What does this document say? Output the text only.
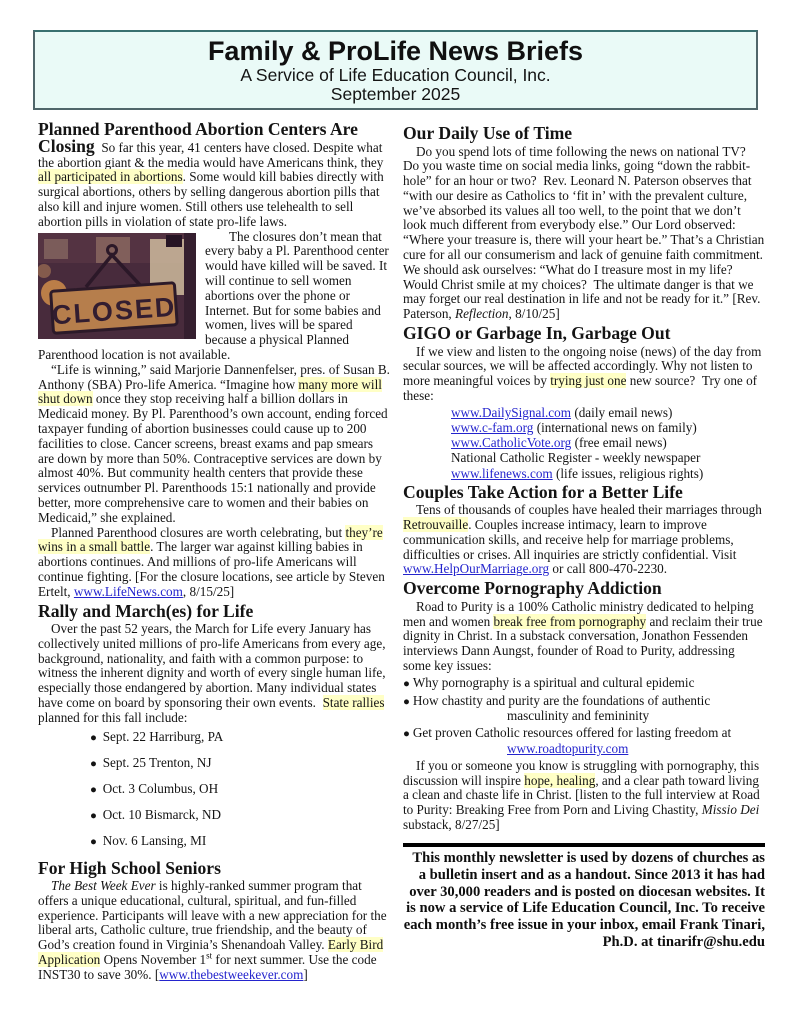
Family & ProLife News Briefs
A Service of Life Education Council, Inc.
September 2025

Planned Parenthood Abortion Centers Are Closing So far this year, 41 centers have closed. Despite what the abortion giant & the media would have Americans think, they all participated in abortions. Some would kill babies directly with surgical abortions, others by selling dangerous abortion pills that also kill and injure women. Still others use telehealth to sell abortion pills in violation of state pro-life laws.

CLOSED
The closures don’t mean that every baby a Pl. Parenthood center would have killed will be saved. It will continue to sell women abortions over the phone or Internet. But for some babies and women, lives will be spared because a physical Planned Parenthood location is not available.

“Life is winning,” said Marjorie Dannenfelser, pres. of Susan B. Anthony (SBA) Pro-life America. “Imagine how many more will shut down once they stop receiving half a billion dollars in Medicaid money. By Pl. Parenthood’s own account, ending forced taxpayer funding of abortion businesses could cause up to 200 facilities to close. Cancer screens, breast exams and pap smears are down by more than 50%. Contraceptive services are down by almost 40%. But community health centers that provide these services outnumber Pl. Parenthoods 15:1 nationally and provide better, more comprehensive care to women and their babies on Medicaid,” she explained.

Planned Parenthood closures are worth celebrating, but they’re wins in a small battle. The larger war against killing babies in abortions continues. And millions of pro-life Americans will continue fighting. [For the closure locations, see article by Steven Ertelt, www.LifeNews.com, 8/15/25]

Rally and March(es) for Life

Over the past 52 years, the March for Life every January has collectively united millions of pro-life Americans from every age, background, nationality, and faith with a common purpose: to witness the inherent dignity and worth of every single human life, especially those endangered by abortion. Many individual states have come on board by sponsoring their own events. State rallies planned for this fall include:

●  Sept. 22 Harriburg, PA
●  Sept. 25 Trenton, NJ
●  Oct. 3 Columbus, OH
●  Oct. 10 Bismarck, ND
●  Nov. 6 Lansing, MI
For High School Seniors

The Best Week Ever is highly-ranked summer program that offers a unique educational, cultural, spiritual, and fun-filled experience. Participants will leave with a new appreciation for the liberal arts, Catholic culture, true friendship, and the beauty of God’s creation found in Virginia’s Shenandoah Valley. Early Bird Application Opens November 1st for next summer. Use the code INST30 to save 30%. [www.thebestweekever.com]

Our Daily Use of Time

Do you spend lots of time following the news on national TV? Do you waste time on social media links, going “down the rabbit-hole” for an hour or two? Rev. Leonard N. Paterson observes that “with our desire as Catholics to ‘fit in’ with the prevalent culture, we’ve absorbed its values all too well, to the point that we don’t look much different from everybody else.” Our Lord observed: “Where your treasure is, there will your heart be.” That’s a Christian cure for all our consumerism and lack of genuine faith commitment. We should ask ourselves: “What do I treasure most in my life? Would Christ smile at my choices? The ultimate danger is that we may forget our real destination in life and not be ready for it.” [Rev. Paterson, Reflection, 8/10/25]

GIGO or Garbage In, Garbage Out

If we view and listen to the ongoing noise (news) of the day from secular sources, we will be affected accordingly. Why not listen to more meaningful voices by trying just one new source? Try one of these:

www.DailySignal.com (daily email news)
www.c-fam.org (international news on family)
www.CatholicVote.org (free email news)
National Catholic Register - weekly newspaper
www.lifenews.com (life issues, religious rights)
Couples Take Action for a Better Life

Tens of thousands of couples have healed their marriages through Retrouvaille. Couples increase intimacy, learn to improve communication skills, and receive help for marriage problems, difficulties or crises. All inquiries are strictly confidential. Visit www.HelpOurMarriage.org or call 800-470-2230.

Overcome Pornography Addiction

Road to Purity is a 100% Catholic ministry dedicated to helping men and women break free from pornography and reclaim their true dignity in Christ. In a substack conversation, Jonathon Fessenden interviews Dann Aungst, founder of Road to Purity, addressing some key issues:

● Why pornography is a spiritual and cultural epidemic
● How chastity and purity are the foundations of authentic masculinity and femininity
● Get proven Catholic resources offered for lasting freedom at www.roadtopurity.com

If you or someone you know is struggling with pornography, this discussion will inspire hope, healing, and a clear path toward living a clean and chaste life in Christ. [listen to the full interview at Road to Purity: Breaking Free from Porn and Living Chastity, Missio Dei substack, 8/27/25]

This monthly newsletter is used by dozens of churches as a bulletin insert and as a handout. Since 2013 it has had over 30,000 readers and is posted on diocesan websites. It is now a service of Life Education Council, Inc. To receive each month’s free issue in your inbox, email Frank Tinari, Ph.D. at tinarifr@shu.edu
